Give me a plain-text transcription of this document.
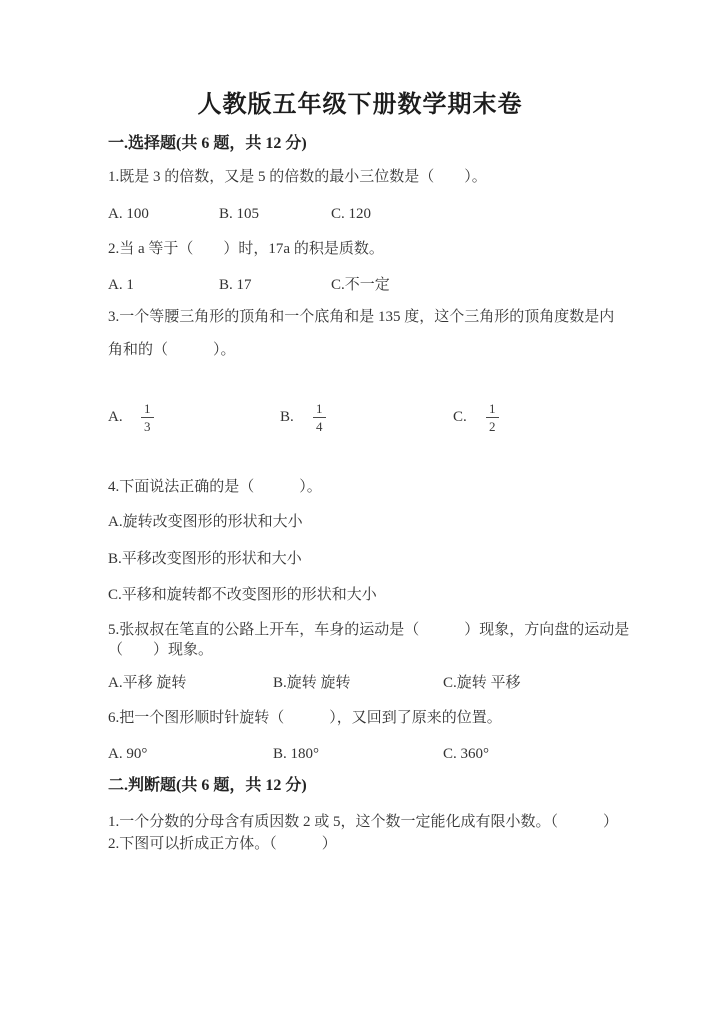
人教版五年级下册数学期末卷
一.选择题(共 6 题，共 12 分)
1.既是 3 的倍数，又是 5 的倍数的最小三位数是（　　）。
A. 100	B. 105	C. 120
2.当 a 等于（　　）时，17a 的积是质数。
A. 1	B. 17	C.不一定
3.一个等腰三角形的顶角和一个底角和是 135 度，这个三角形的顶角度数是内
角和的（　　　）。
A. $\frac{1}{3}$	B. $\frac{1}{4}$	C. $\frac{1}{2}$
4.下面说法正确的是（　　　）。
A.旋转改变图形的形状和大小
B.平移改变图形的形状和大小
C.平移和旋转都不改变图形的形状和大小
5.张叔叔在笔直的公路上开车，车身的运动是（　　　）现象，方向盘的运动是
（　　）现象。
A.平移 旋转	B.旋转 旋转	C.旋转 平移
6.把一个图形顺时针旋转（　　　），又回到了原来的位置。
A. 90°	B. 180°	C. 360°
二.判断题(共 6 题，共 12 分)
1.一个分数的分母含有质因数 2 或 5，这个数一定能化成有限小数。（　　　）
2.下图可以折成正方体。（　　　）
